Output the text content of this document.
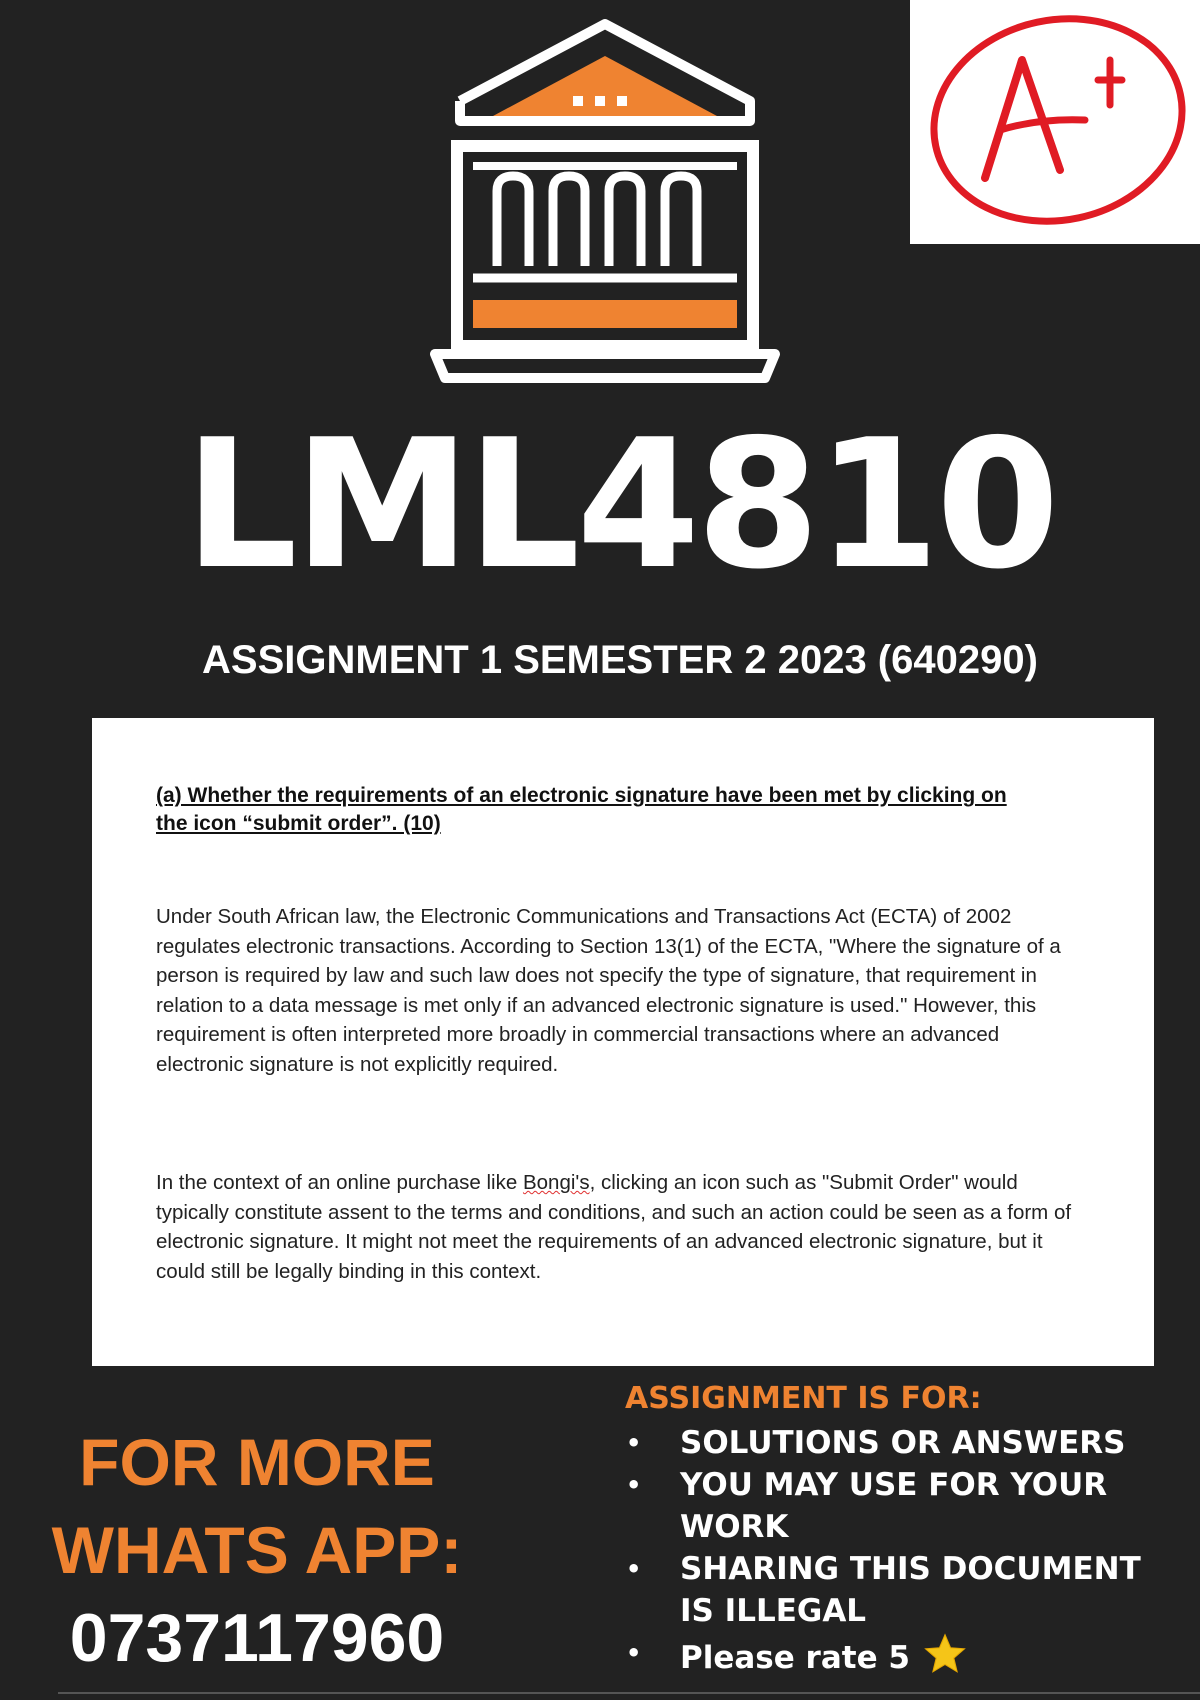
LML4810
ASSIGNMENT 1 SEMESTER 2 2023 (640290)

(a) Whether the requirements of an electronic signature have been met by clicking on the icon “submit order”. (10)

Under South African law, the Electronic Communications and Transactions Act (ECTA) of 2002 regulates electronic transactions. According to Section 13(1) of the ECTA, "Where the signature of a person is required by law and such law does not specify the type of signature, that requirement in relation to a data message is met only if an advanced electronic signature is used." However, this requirement is often interpreted more broadly in commercial transactions where an advanced electronic signature is not explicitly required.

In the context of an online purchase like Bongi's, clicking an icon such as "Submit Order" would typically constitute assent to the terms and conditions, and such an action could be seen as a form of electronic signature. It might not meet the requirements of an advanced electronic signature, but it could still be legally binding in this context.

FOR MORE

WHATS APP:

0737117960

ASSIGNMENT IS FOR:

• SOLUTIONS OR ANSWERS
• YOU MAY USE FOR YOUR WORK
• SHARING THIS DOCUMENT IS ILLEGAL
• Please rate 5
